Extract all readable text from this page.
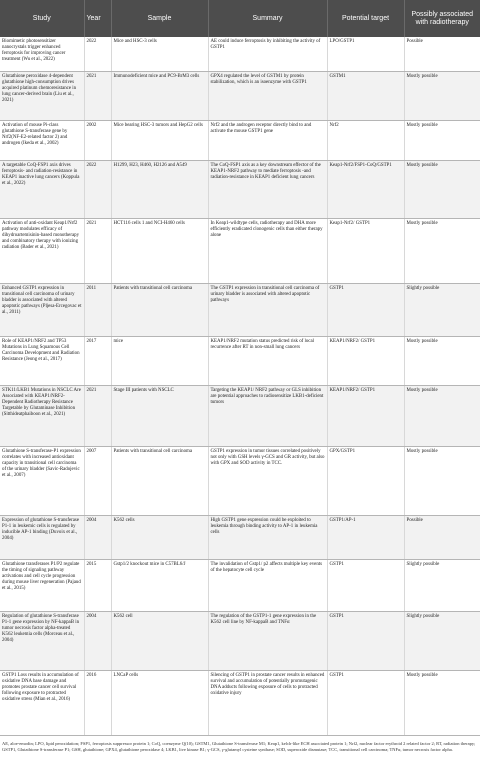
Study	Year	Sample	Summary	Potential target	Possibly associated with radiotherapy
Biomimetic photosensitizer nanocrystals trigger enhanced ferroptosis for improving cancer treatment (Wu et al., 2022)	2022	Mice and HSC-3 cells	AE could induce ferroptosis by inhibiting the activity of GSTP1	LPO/GSTP1	Possible
Glutathione peroxidase 4-dependent glutathione high-consumption drives acquired platinum chemoresistance in lung cancer-derived brain (Liu et al., 2021)	2021	Immunodeficient mice and PC9-BrM3 cells	GPX4 regulated the level of GSTM1 by protein stabilization, which is an isoenzyme with GSTP1	GSTM1	Mostly possible
Activation of mouse Pi-class glutathione S-transferase gene by Nrf2(NF-E2-related factor 2) and androgen (Ikeda et al., 2002)	2002	Mice bearing HSC-3 tumors and HepG2 cells	Nrf2 and the androgen receptor directly bind to and activate the mouse GSTP1 gene	Nrf2	Mostly possible
A targetable CoQ-FSP1 axis drives ferroptosis- and radiation-resistance in KEAP1 inactive lung cancers (Koppula et al., 2022)	2022	H1299, H23, H460, H2126 and A549	The CoQ-FSP1 axis as a key downstream effector of the KEAP1-NRF2 pathway to mediate ferroptosis -and radiation-resistance in KEAP1 deficient lung cancers	Keap1-Nrf2/FSP1-CoQ/GSTP1	Mostly possible
Activation of anti-oxidant Keap1/Nrf2 pathway modulates efficacy of dihydroartemisinin-based monotherapy and combinatory therapy with ionizing radiation (Bader et al., 2021)	2021	HCT116 cells 1 and NCI-H460 cells	In Keap1-wildtype cells, radiotherapy and DHA more efficiently eradicated clonogenic cells than either therapy alone	Keap1-Nrf2/ GSTP1	Mostly possible
Enhanced GSTP1 expression in transitional cell carcinoma of urinary bladder is associated with altered apoptotic pathways (Pljesa-Ercegovac et al., 2011)	2011	Patients with transitional cell carcinoma	The GSTP1 expression in transitional cell carcinoma of urinary bladder is associated with altered apoptotic pathways	GSTP1	Slightly possible
Role of KEAP1/NRF2 and TP53 Mutations in Lung Squamous Cell Carcinoma Development and Radiation Resistance (Jeong et al., 2017)	2017	mice	KEAP1/NRF2 mutation status predicted risk of local recurrence after RT in non-small lung cancers	KEAP1/NRF2/ GSTP1	Mostly possible
STK11/LKB1 Mutations in NSCLC Are Associated with KEAP1/NRF2-Dependent Radiotherapy Resistance Targetable by Glutaminase Inhibition (Sitthideatphaiboon et al., 2021)	2021	Stage III patients with NSCLC	Targeting the KEAP1/ NRF2 pathway or GLS inhibition are potential approaches to radiosensitize LKB1-deficient tumors	KEAP1/NRF2/ GSTP1	Mostly possible
Glutathione S-transferase-P1 expression correlates with increased antioxidant capacity in transitional cell carcinoma of the urinary bladder (Savic-Radojevic et al., 2007)	2007	Patients with transitional cell carcinoma	GSTP1 expression in tumor tissues correlated positively not only with GSH levels γ-GCS and GR activity, but also with GPX and SOD activity in TCC.	GPX/GSTP1	Mostly possible
Expression of glutathione S-transferase P1-1 in leukemic cells is regulated by inducible AP-1 binding (Duvoix et al., 2004)	2004	K562 cells	High GSTP1 gene expression could be exploited to leukemia through binding activity to AP-1 in leukemia cells	GSTP1/AP-1	Possible
Glutathione transferases P1/P2 regulate the timing of signaling pathway activations and cell cycle progression during mouse liver regeneration (Pajaud et al., 2015)	2015	Gstp1/2 knockout mice in C57BL6/J	The invalidation of Gstp1/ p2 affects multiple key events of the hepatocyte cell cycle	GSTP1	Slightly possible
Regulation of glutathione S-transferase P1-1 gene expression by NF-kappaB in tumor necrosis factor alpha-treated K562 leukemia cells (Morceau et al., 2004)	2004	K562 cell	The regulation of the GSTP1-1 gene expression in the K562 cell line by NF-kappaB and TNFα	GSTP1	Slightly possible
GSTP1 Loss results in accumulation of oxidative DNA base damage and promotes prostate cancer cell survival following exposure to protracted oxidative stress (Mian et al., 2016)	2016	LNCaP cells	Silencing of GSTP1 in prostate cancer results in enhanced survival and accumulation of potentially promutagenic DNA adducts following exposure of cells to protracted oxidative injury	GSTP1	Mostly possible
AE, aloe-emodin; LPO, lipid peroxidation; FSP1, ferroptosis suppressor protein 1; CoQ, coenzyme Q(10); GSTM1, Glutathione S-transferase M1; Keap1, kelch-like ECH associated protein 1; Nrf2, nuclear factor erythroid 2 related factor 2; RT, radiation therapy; GSTP1, Glutathione S-transferase P1; GSH, glutathione; GPX4, glutathione peroxidase 4; LKB1, live kinase B1; γ-GCS, γ-glutamyl cysteine synthase; SOD, superoxide dismutase; TCC, transitional cell carcinoma; TNFα, tumor necrosis factor alpha.
